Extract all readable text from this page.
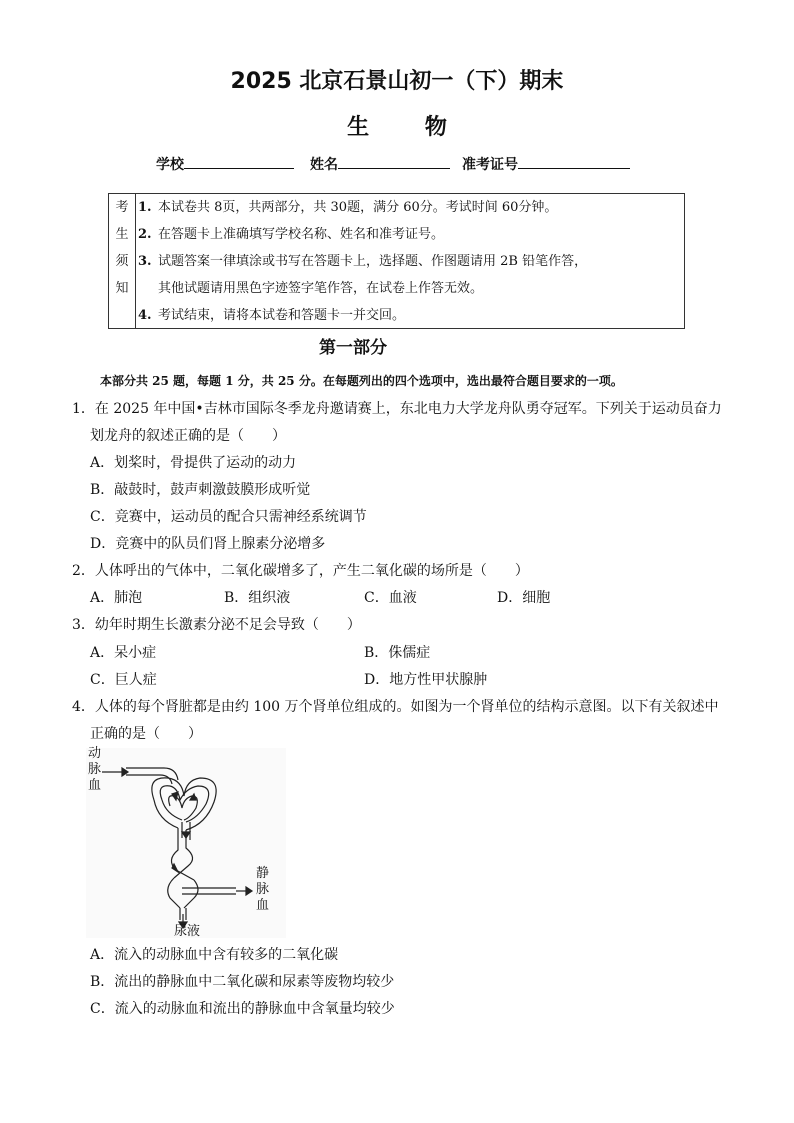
2025 北京石景山初一（下）期末
生	物
学校	姓名	准考证号
考
生
须
知
1. 本试卷共 8页，共两部分，共 30题，满分 60分。考试时间 60分钟。
2. 在答题卡上准确填写学校名称、姓名和准考证号。
3. 试题答案一律填涂或书写在答题卡上，选择题、作图题请用 2B 铅笔作答，
其他试题请用黑色字迹签字笔作答，在试卷上作答无效。
4. 考试结束，请将本试卷和答题卡一并交回。
第一部分
本部分共 25 题，每题 1 分，共 25 分。在每题列出的四个选项中，选出最符合题目要求的一项。
1．在 2025 年中国•吉林市国际冬季龙舟邀请赛上，东北电力大学龙舟队勇夺冠军。下列关于运动员奋力
划龙舟的叙述正确的是（　　）
A．划桨时，骨提供了运动的动力
B．敲鼓时，鼓声刺激鼓膜形成听觉
C．竞赛中，运动员的配合只需神经系统调节
D．竞赛中的队员们肾上腺素分泌增多
2．人体呼出的气体中，二氧化碳增多了，产生二氧化碳的场所是（　　）
A．肺泡	B．组织液	C．血液	D．细胞
3．幼年时期生长激素分泌不足会导致（　　）
A．呆小症	B．侏儒症
C．巨人症	D．地方性甲状腺肿
4．人体的每个肾脏都是由约 100 万个肾单位组成的。如图为一个肾单位的结构示意图。以下有关叙述中
正确的是（　　）
动
脉
血
静
脉
血
尿液
A．流入的动脉血中含有较多的二氧化碳
B．流出的静脉血中二氧化碳和尿素等废物均较少
C．流入的动脉血和流出的静脉血中含氧量均较少
